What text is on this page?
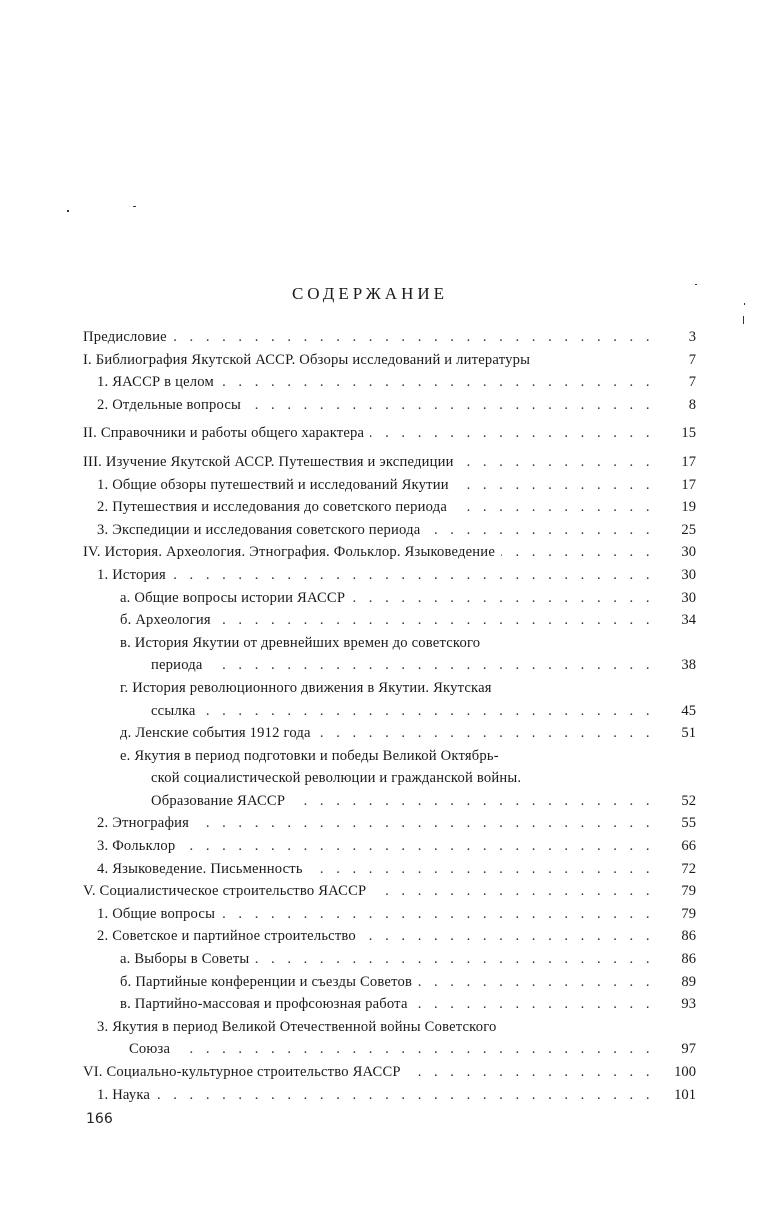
СОДЕРЖАНИЕ
Предисловие . . .	3
I. Библиография Якутской АССР. Обзоры исследований и литературы	7
1. ЯАССР в целом . . .	7
2. Отдельные вопросы . . .	8
II. Справочники и работы общего характера . . .	15
III. Изучение Якутской АССР. Путешествия и экспедиции . . .	17
1. Общие обзоры путешествий и исследований Якутии . . .	17
2. Путешествия и исследования до советского периода . . .	19
3. Экспедиции и исследования советского периода . . .	25
IV. История. Археология. Этнография. Фольклор. Языковедение . . .	30
1. История . . .	30
а. Общие вопросы истории ЯАССР . . .	30
б. Археология . . .	34
в. История Якутии от древнейших времен до советского
периода . . .	38
г. История революционного движения в Якутии. Якутская
ссылка . . .	45
д. Ленские события 1912 года . . .	51
е. Якутия в период подготовки и победы Великой Октябрь-
ской социалистической революции и гражданской войны.
Образование ЯАССР . . .	52
2. Этнография . . .	55
3. Фольклор . . .	66
4. Языковедение. Письменность . . .	72
V. Социалистическое строительство ЯАССР . . .	79
1. Общие вопросы . . .	79
2. Советское и партийное строительство . . .	86
а. Выборы в Советы . . .	86
б. Партийные конференции и съезды Советов . . .	89
в. Партийно-массовая и профсоюзная работа . . .	93
3. Якутия в период Великой Отечественной войны Советского
Союза . . .	97
VI. Социально-культурное строительство ЯАССР . . .	100
1. Наука . . .	101
166
